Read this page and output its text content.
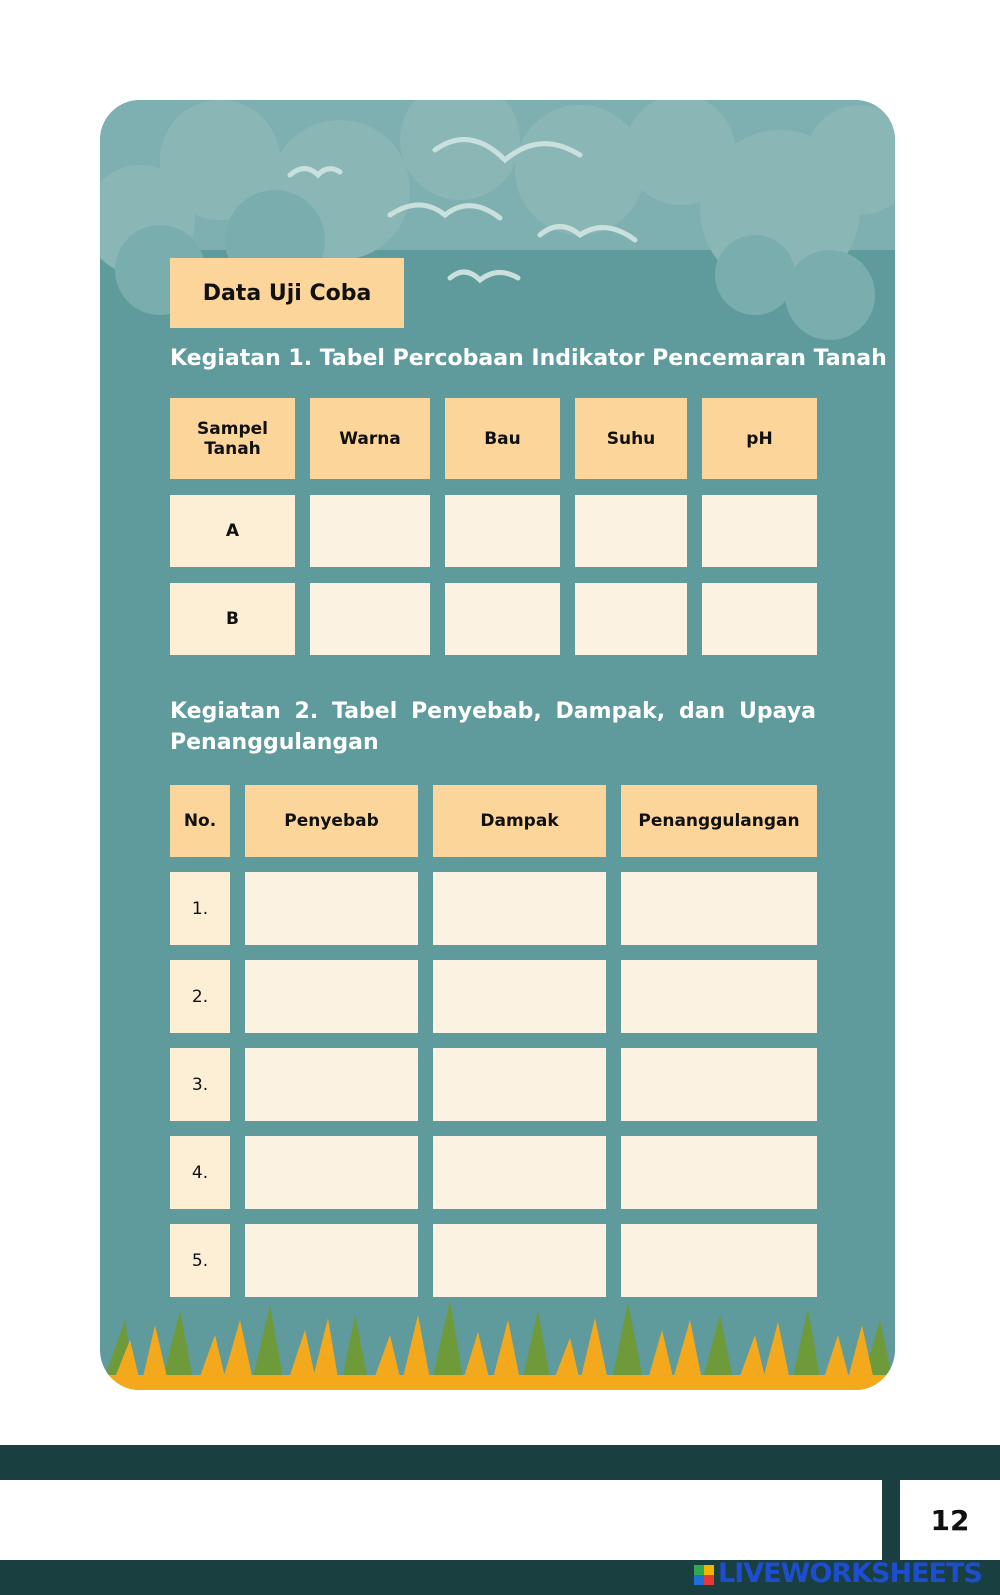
Data Uji Coba
Kegiatan 1. Tabel Percobaan Indikator Pencemaran Tanah
Sampel Tanah	Warna	Bau	Suhu	pH
A
B
Kegiatan 2. Tabel Penyebab, Dampak, dan Upaya Penanggulangan
No.	Penyebab	Dampak	Penanggulangan
1.
2.
3.
4.
5.
12
LIVEWORKSHEETS
